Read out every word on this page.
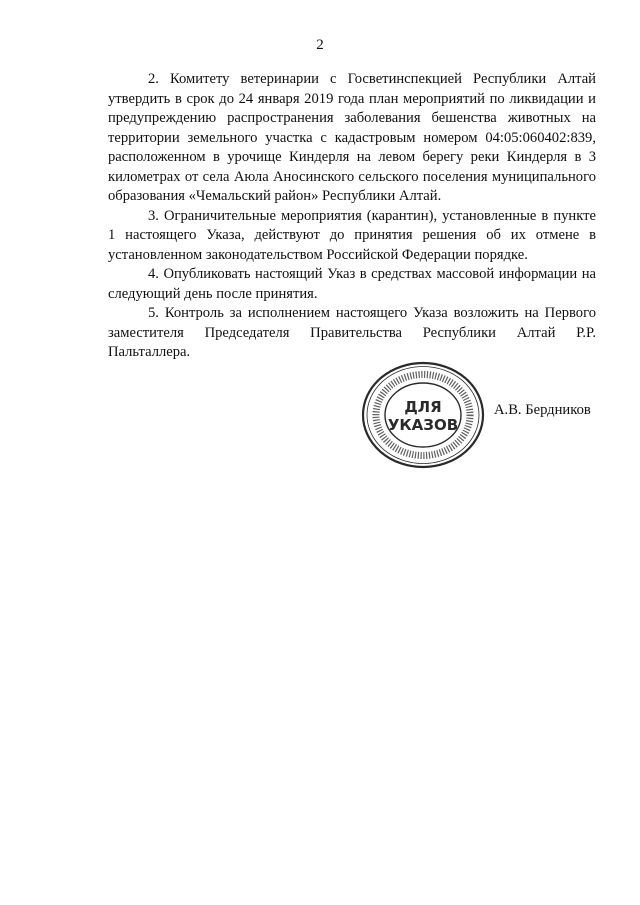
2

2. Комитету ветеринарии с Госветинспекцией Республики Алтай утвердить в срок до 24 января 2019 года план мероприятий по ликвидации и предупреждению распространения заболевания бешенства животных на территории земельного участка с кадастровым номером 04:05:060402:839, расположенном в урочище Киндерля на левом берегу реки Киндерля в 3 километрах от села Аюла Аносинского сельского поселения муниципального образования «Чемальский район» Республики Алтай.

3. Ограничительные мероприятия (карантин), установленные в пункте 1 настоящего Указа, действуют до принятия решения об их отмене в установленном законодательством Российской Федерации порядке.

4. Опубликовать настоящий Указ в средствах массовой информации на следующий день после принятия.

5. Контроль за исполнением настоящего Указа возложить на Первого заместителя Председателя Правительства Республики Алтай Р.Р. Пальталлера.

ДЛЯ
УКАЗОВ
А.В. Бердников
